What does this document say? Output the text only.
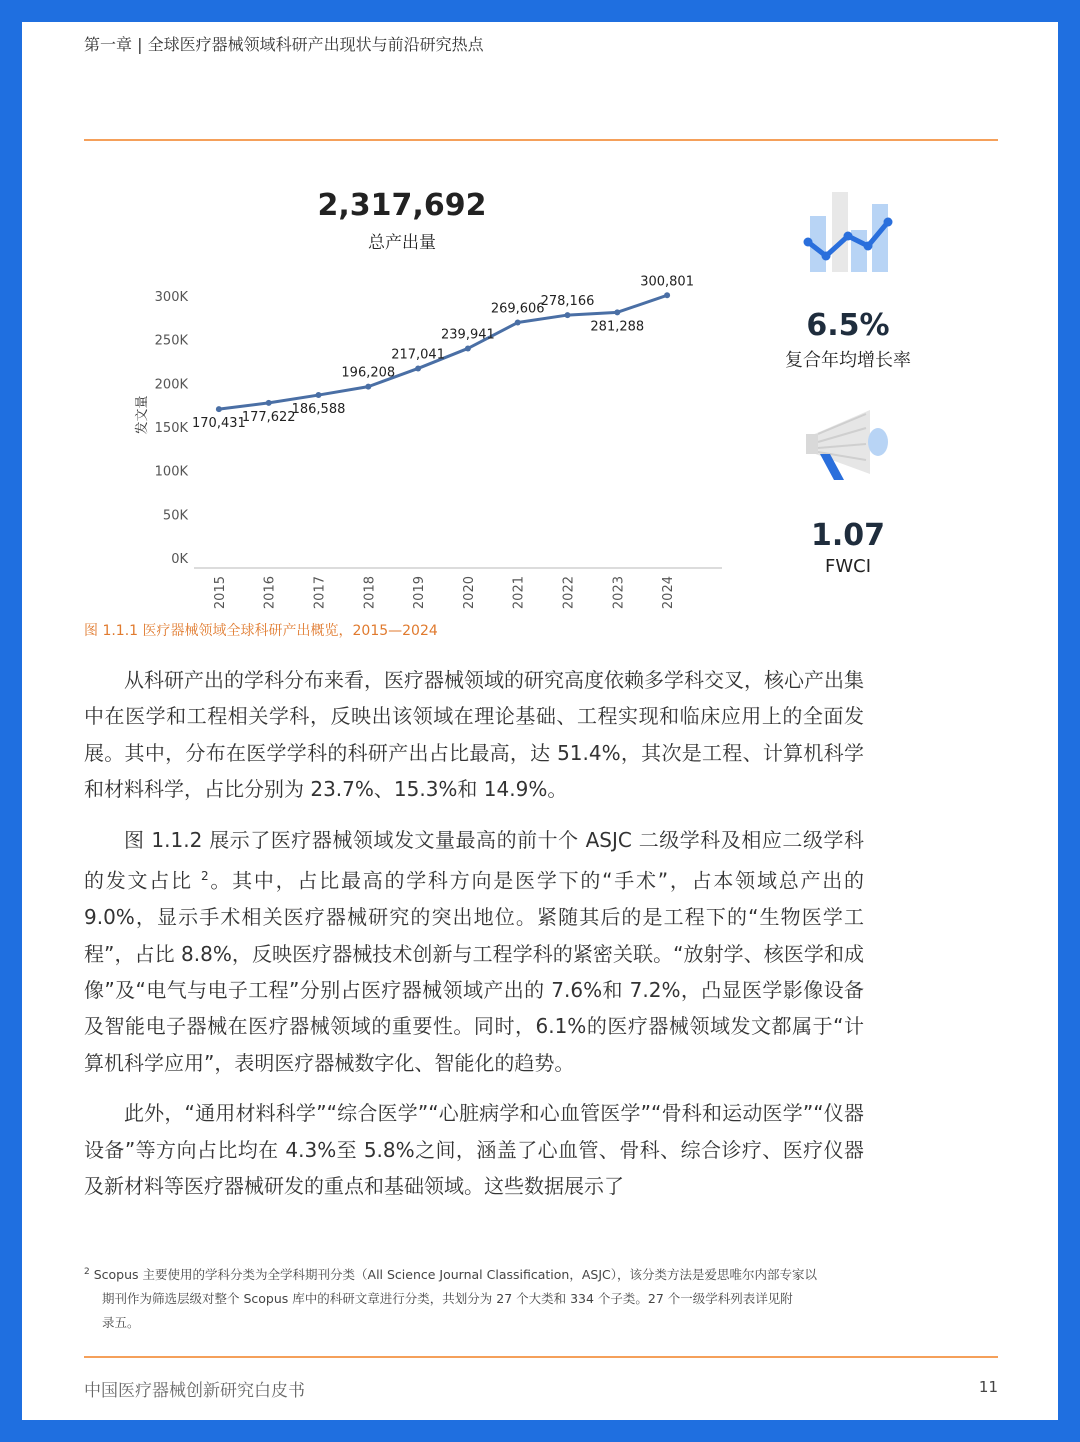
第一章 | 全球医疗器械领域科研产出现状与前沿研究热点
2,317,692
总产出量
0K
50K
100K
150K
200K
250K
300K
发文量
2015	2016	2017	2018	2019	2020	2021	2022	2023	2024
170,431
177,622
186,588
196,208
217,041
239,941
269,606
278,166
281,288
300,801
6.5%
复合年均增长率
1.07
FWCI
图 1.1.1 医疗器械领域全球科研产出概览，2015—2024

从科研产出的学科分布来看，医疗器械领域的研究高度依赖多学科交叉，核心产出集中在医学和工程相关学科，反映出该领域在理论基础、工程实现和临床应用上的全面发展。其中，分布在医学学科的科研产出占比最高，达 51.4%，其次是工程、计算机科学和材料科学，占比分别为 23.7%、15.3%和 14.9%。

图 1.1.2 展示了医疗器械领域发文量最高的前十个 ASJC 二级学科及相应二级学科的发文占比 $^2$。其中，占比最高的学科方向是医学下的“手术”，占本领域总产出的 9.0%，显示手术相关医疗器械研究的突出地位。紧随其后的是工程下的“生物医学工程”，占比 8.8%，反映医疗器械技术创新与工程学科的紧密关联。“放射学、核医学和成像”及“电气与电子工程”分别占医疗器械领域产出的 7.6%和 7.2%，凸显医学影像设备及智能电子器械在医疗器械领域的重要性。同时，6.1%的医疗器械领域发文都属于“计算机科学应用”，表明医疗器械数字化、智能化的趋势。

此外，“通用材料科学”“综合医学”“心脏病学和心血管医学”“骨科和运动医学”“仪器设备”等方向占比均在 4.3%至 5.8%之间，涵盖了心血管、骨科、综合诊疗、医疗仪器及新材料等医疗器械研发的重点和基础领域。这些数据展示了

$^2$ Scopus 主要使用的学科分类为全学科期刊分类（All Science Journal Classification，ASJC），该分类方法是爱思唯尔内部专家以
期刊作为筛选层级对整个 Scopus 库中的科研文章进行分类，共划分为 27 个大类和 334 个子类。27 个一级学科列表详见附
录五。
中国医疗器械创新研究白皮书	11
